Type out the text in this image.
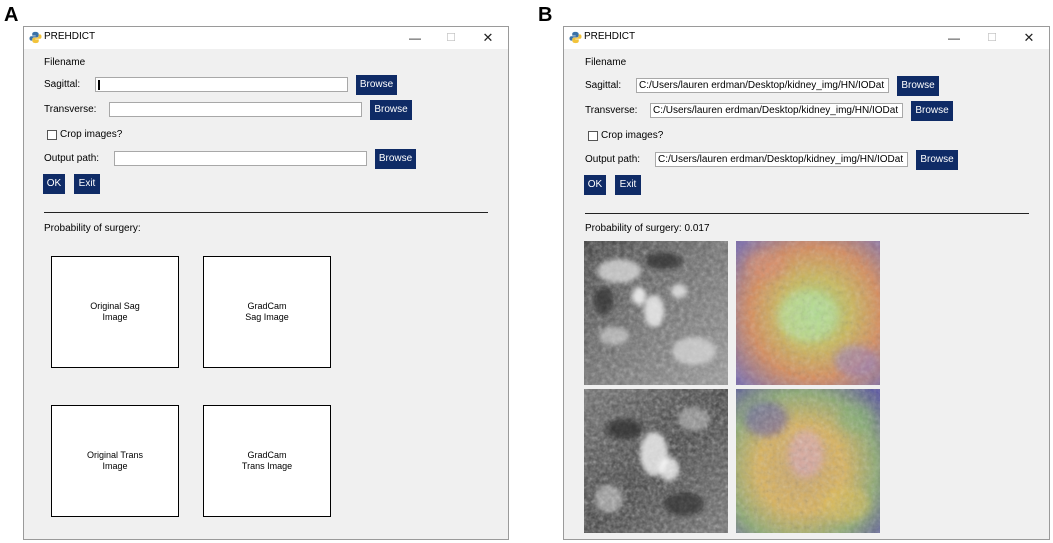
A
PREHDICT	—	☐	✕
Filename
Sagittal:	Browse
Transverse:	Browse
Crop images?
Output path:	Browse
OK	Exit
Probability of surgery:
Original Sag
Image
GradCam
Sag Image
Original Trans
Image
GradCam
Trans Image
B
PREHDICT	—	☐	✕
Filename
Sagittal:	C:/Users/lauren erdman/Desktop/kidney_img/HN/IODat	Browse
Transverse:	C:/Users/lauren erdman/Desktop/kidney_img/HN/IODat	Browse
Crop images?
Output path:	C:/Users/lauren erdman/Desktop/kidney_img/HN/IODat	Browse
OK	Exit
Probability of surgery: 0.017
